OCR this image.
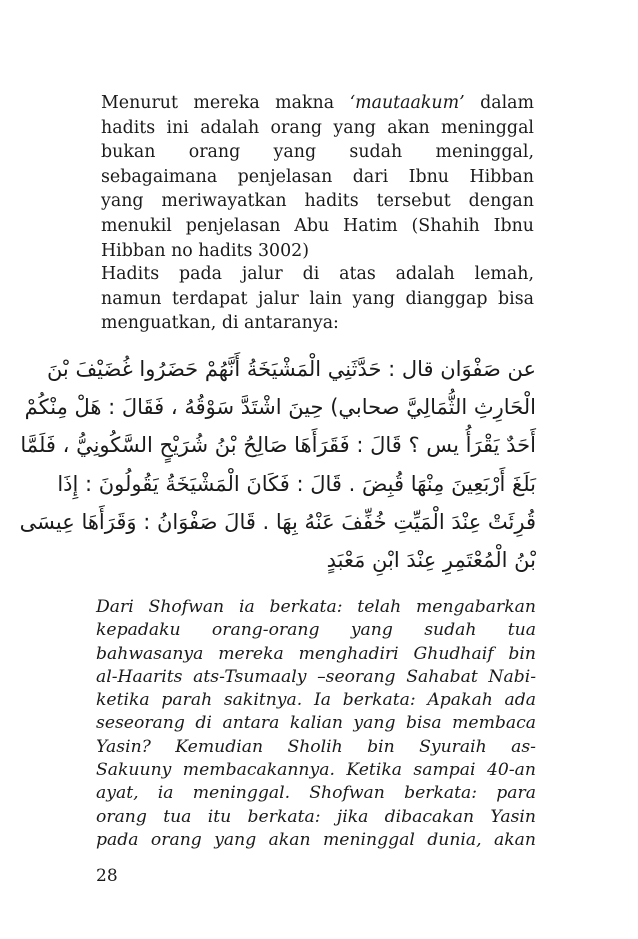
Menurut mereka makna ‘mautaakum’ dalam
hadits ini adalah orang yang akan meninggal
bukan orang yang sudah meninggal,
sebagaimana penjelasan dari Ibnu Hibban
yang meriwayatkan hadits tersebut dengan
menukil penjelasan Abu Hatim (Shahih Ibnu
Hibban no hadits 3002)
Hadits pada jalur di atas adalah lemah,
namun terdapat jalur lain yang dianggap bisa
menguatkan, di antaranya:
عن صَفْوَان قال : حَدَّثَنِي الْمَشْيَخَةُ أَنَّهُمْ حَضَرُوا غُضَيْفَ بْنَ
الْحَارِثِ الثُّمَالِيَّ صحابي) حِينَ اشْتَدَّ سَوْقُهُ ، فَقَالَ : هَلْ مِنْكُمْ
أَحَدٌ يَقْرَأُ يس ؟ قَالَ : فَقَرَأَهَا صَالِحُ بْنُ شُرَيْحٍ السَّكُونِيُّ ، فَلَمَّا
بَلَغَ أَرْبَعِينَ مِنْهَا قُبِضَ . قَالَ : فَكَانَ الْمَشْيَخَةُ يَقُولُونَ : إِذَا
قُرِئَتْ عِنْدَ الْمَيِّتِ خُفِّفَ عَنْهُ بِهَا . قَالَ صَفْوَانُ : وَقَرَأَهَا عِيسَى
بْنُ الْمُعْتَمِرِ عِنْدَ ابْنِ مَعْبَدٍ
Dari Shofwan ia berkata: telah mengabarkan
kepadaku orang-orang yang sudah tua
bahwasanya mereka menghadiri Ghudhaif bin
al-Haarits ats-Tsumaaly –seorang Sahabat Nabi-
ketika parah sakitnya. Ia berkata: Apakah ada
seseorang di antara kalian yang bisa membaca
Yasin? Kemudian Sholih bin Syuraih as-
Sakuuny membacakannya. Ketika sampai 40-an
ayat, ia meninggal. Shofwan berkata: para
orang tua itu berkata: jika dibacakan Yasin
pada orang yang akan meninggal dunia, akan
28
